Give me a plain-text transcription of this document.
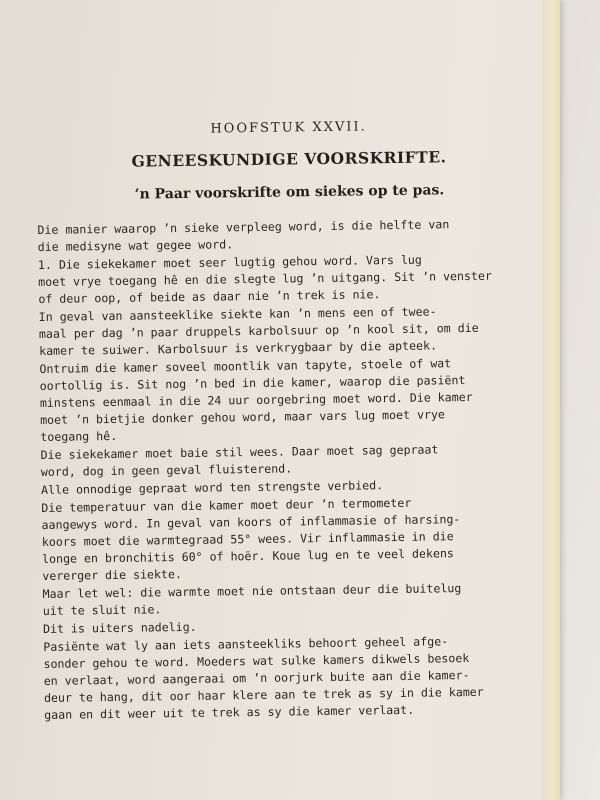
HOOFSTUK XXVII.
GENEESKUNDIGE VOORSKRIFTE.
’n Paar voorskrifte om siekes op te pas.
Die manier waarop ’n sieke verpleeg word, is die helfte van
die medisyne wat gegee word.
1. Die siekekamer moet seer lugtig gehou word. Vars lug
moet vrye toegang hê en die slegte lug ’n uitgang. Sit ’n venster
of deur oop, of beide as daar nie ’n trek is nie.
In geval van aansteeklike siekte kan ’n mens een of twee-
maal per dag ’n paar druppels karbolsuur op ’n kool sit, om die
kamer te suiwer. Karbolsuur is verkrygbaar by die apteek.
Ontruim die kamer soveel moontlik van tapyte, stoele of wat
oortollig is. Sit nog ’n bed in die kamer, waarop die pasiënt
minstens eenmaal in die 24 uur oorgebring moet word. Die kamer
moet ’n bietjie donker gehou word, maar vars lug moet vrye
toegang hê.
Die siekekamer moet baie stil wees. Daar moet sag gepraat
word, dog in geen geval fluisterend.
Alle onnodige gepraat word ten strengste verbied.
Die temperatuur van die kamer moet deur ’n termometer
aangewys word. In geval van koors of inflammasie of harsing-
koors moet die warmtegraad 55° wees. Vir inflammasie in die
longe en bronchitis 60° of hoër. Koue lug en te veel dekens
vererger die siekte.
Maar let wel: die warmte moet nie ontstaan deur die buitelug
uit te sluit nie.
Dit is uiters nadelig.
Pasiënte wat ly aan iets aansteekliks behoort geheel afge-
sonder gehou te word. Moeders wat sulke kamers dikwels besoek
en verlaat, word aangeraai om ’n oorjurk buite aan die kamer-
deur te hang, dit oor haar klere aan te trek as sy in die kamer
gaan en dit weer uit te trek as sy die kamer verlaat.
